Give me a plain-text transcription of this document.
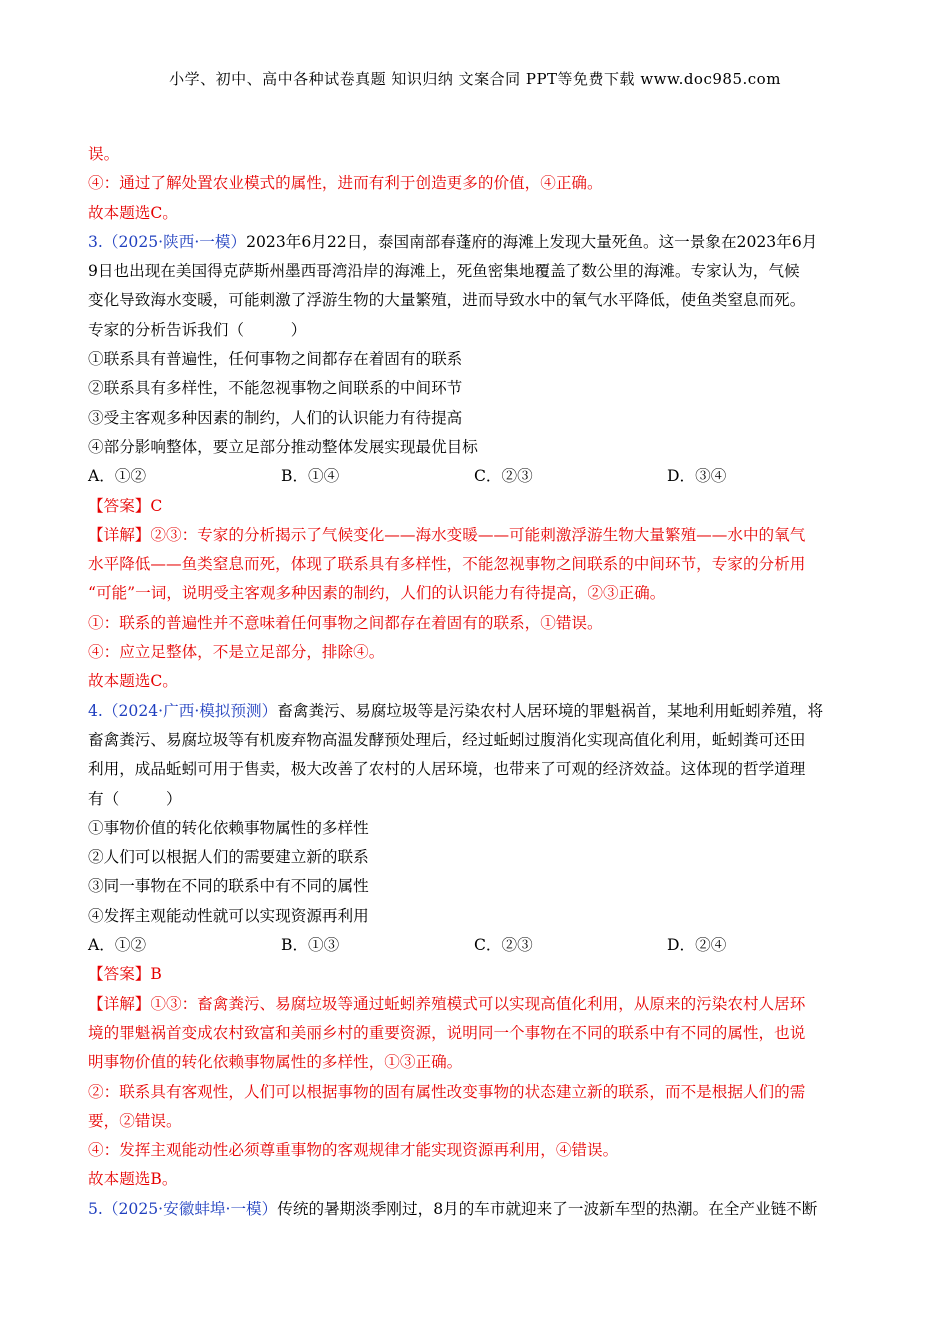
小学、初中、高中各种试卷真题 知识归纳 文案合同 PPT等免费下载 www.doc985.com
误。
④：通过了解处置农业模式的属性，进而有利于创造更多的价值，④正确。
故本题选C。
3.（2025·陕西·一模）2023年6月22日，泰国南部春蓬府的海滩上发现大量死鱼。这一景象在2023年6月
9日也出现在美国得克萨斯州墨西哥湾沿岸的海滩上，死鱼密集地覆盖了数公里的海滩。专家认为，气候
变化导致海水变暖，可能刺激了浮游生物的大量繁殖，进而导致水中的氧气水平降低，使鱼类窒息而死。
专家的分析告诉我们（　　　）
①联系具有普遍性，任何事物之间都存在着固有的联系
②联系具有多样性，不能忽视事物之间联系的中间环节
③受主客观多种因素的制约，人们的认识能力有待提高
④部分影响整体，要立足部分推动整体发展实现最优目标
A．①②	B．①④	C．②③	D．③④
【答案】C
【详解】②③：专家的分析揭示了气候变化——海水变暖——可能刺激浮游生物大量繁殖——水中的氧气
水平降低——鱼类窒息而死，体现了联系具有多样性，不能忽视事物之间联系的中间环节，专家的分析用
“可能”一词，说明受主客观多种因素的制约，人们的认识能力有待提高，②③正确。
①：联系的普遍性并不意味着任何事物之间都存在着固有的联系，①错误。
④：应立足整体，不是立足部分，排除④。
故本题选C。
4.（2024·广西·模拟预测）畜禽粪污、易腐垃圾等是污染农村人居环境的罪魁祸首，某地利用蚯蚓养殖，将
畜禽粪污、易腐垃圾等有机废弃物高温发酵预处理后，经过蚯蚓过腹消化实现高值化利用，蚯蚓粪可还田
利用，成品蚯蚓可用于售卖，极大改善了农村的人居环境，也带来了可观的经济效益。这体现的哲学道理
有（　　　）
①事物价值的转化依赖事物属性的多样性
②人们可以根据人们的需要建立新的联系
③同一事物在不同的联系中有不同的属性
④发挥主观能动性就可以实现资源再利用
A．①②	B．①③	C．②③	D．②④
【答案】B
【详解】①③：畜禽粪污、易腐垃圾等通过蚯蚓养殖模式可以实现高值化利用，从原来的污染农村人居环
境的罪魁祸首变成农村致富和美丽乡村的重要资源，说明同一个事物在不同的联系中有不同的属性，也说
明事物价值的转化依赖事物属性的多样性，①③正确。
②：联系具有客观性，人们可以根据事物的固有属性改变事物的状态建立新的联系，而不是根据人们的需
要，②错误。
④：发挥主观能动性必须尊重事物的客观规律才能实现资源再利用，④错误。
故本题选B。
5.（2025·安徽蚌埠·一模）传统的暑期淡季刚过，8月的车市就迎来了一波新车型的热潮。在全产业链不断
